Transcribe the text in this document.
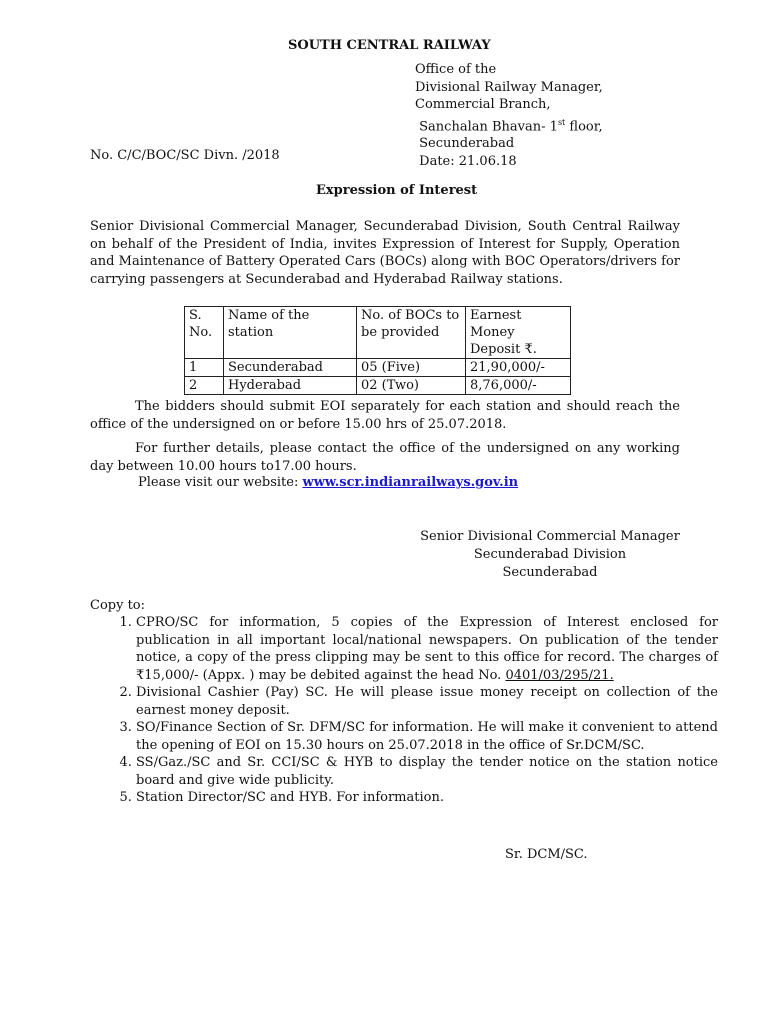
SOUTH CENTRAL RAILWAY
Office of the
Divisional Railway Manager,
Commercial Branch,
Sanchalan Bhavan- 1st floor,
Secunderabad
Date: 21.06.18
No. C/C/BOC/SC Divn. /2018
Expression of Interest
Senior Divisional Commercial Manager, Secunderabad Division, South Central Railway on behalf of the President of India, invites Expression of Interest for Supply, Operation and Maintenance of Battery Operated Cars (BOCs) along with BOC Operators/drivers for carrying passengers at Secunderabad and Hyderabad Railway stations.
S. No.	Name of the station	No. of BOCs to be provided	Earnest Money Deposit ₹.
1	Secunderabad	05 (Five)	21,90,000/-
2	Hyderabad	02 (Two)	8,76,000/-
The bidders should submit EOI separately for each station and should reach the office of the undersigned on or before 15.00 hrs of 25.07.2018.
For further details, please contact the office of the undersigned on any working day between 10.00 hours to17.00 hours.
Please visit our website: www.scr.indianrailways.gov.in
Senior Divisional Commercial Manager
Secunderabad Division
Secunderabad
Copy to:
1. CPRO/SC for information, 5 copies of the Expression of Interest enclosed for publication in all important local/national newspapers. On publication of the tender notice, a copy of the press clipping may be sent to this office for record. The charges of ₹15,000/- (Appx. ) may be debited against the head No. 0401/03/295/21.
2. Divisional Cashier (Pay) SC. He will please issue money receipt on collection of the earnest money deposit.
3. SO/Finance Section of Sr. DFM/SC for information. He will make it convenient to attend the opening of EOI on 15.30 hours on 25.07.2018 in the office of Sr.DCM/SC.
4. SS/Gaz./SC and Sr. CCI/SC & HYB to display the tender notice on the station notice board and give wide publicity.
5. Station Director/SC and HYB. For information.
Sr. DCM/SC.
